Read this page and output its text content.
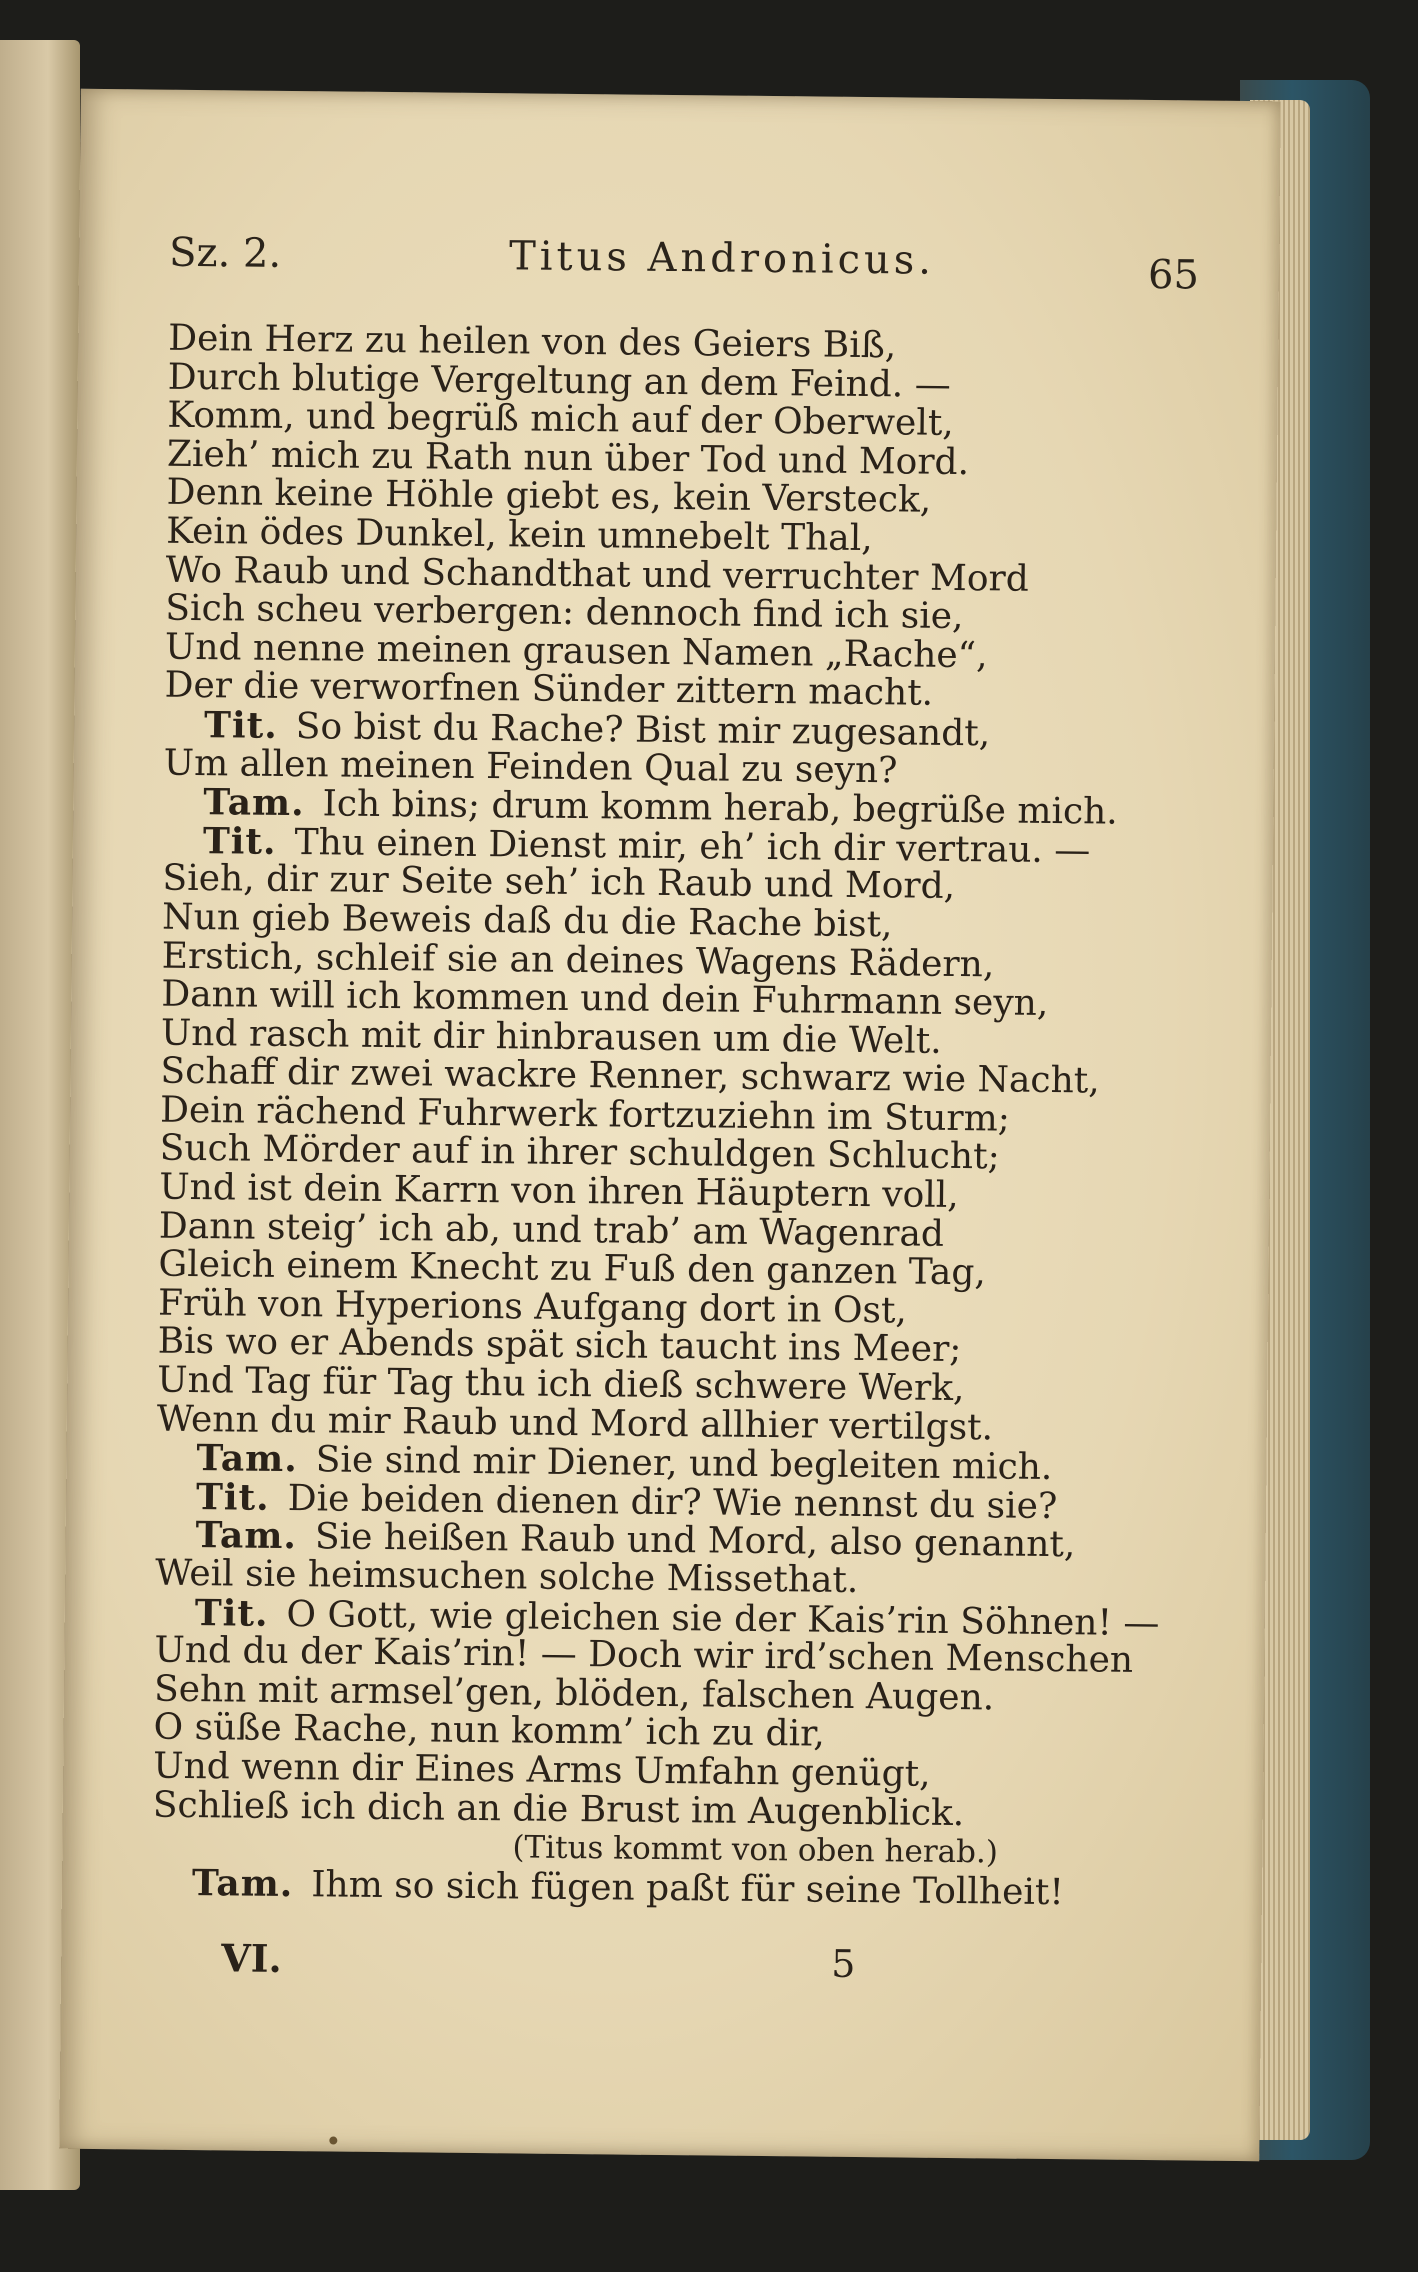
Sz. 2.	Titus Andronicus.	65
Dein Herz zu heilen von des Geiers Biß,
Durch blutige Vergeltung an dem Feind. —
Komm, und begrüß mich auf der Oberwelt,
Zieh’ mich zu Rath nun über Tod und Mord.
Denn keine Höhle giebt es, kein Versteck,
Kein ödes Dunkel, kein umnebelt Thal,
Wo Raub und Schandthat und verruchter Mord
Sich scheu verbergen: dennoch find ich sie,
Und nenne meinen grausen Namen „Rache“,
Der die verworfnen Sünder zittern macht.
Tit. So bist du Rache? Bist mir zugesandt,
Um allen meinen Feinden Qual zu seyn?
Tam. Ich bins; drum komm herab, begrüße mich.
Tit. Thu einen Dienst mir, eh’ ich dir vertrau. —
Sieh, dir zur Seite seh’ ich Raub und Mord,
Nun gieb Beweis daß du die Rache bist,
Erstich, schleif sie an deines Wagens Rädern,
Dann will ich kommen und dein Fuhrmann seyn,
Und rasch mit dir hinbrausen um die Welt.
Schaff dir zwei wackre Renner, schwarz wie Nacht,
Dein rächend Fuhrwerk fortzuziehn im Sturm;
Such Mörder auf in ihrer schuldgen Schlucht;
Und ist dein Karrn von ihren Häuptern voll,
Dann steig’ ich ab, und trab’ am Wagenrad
Gleich einem Knecht zu Fuß den ganzen Tag,
Früh von Hyperions Aufgang dort in Ost,
Bis wo er Abends spät sich taucht ins Meer;
Und Tag für Tag thu ich dieß schwere Werk,
Wenn du mir Raub und Mord allhier vertilgst.
Tam. Sie sind mir Diener, und begleiten mich.
Tit. Die beiden dienen dir? Wie nennst du sie?
Tam. Sie heißen Raub und Mord, also genannt,
Weil sie heimsuchen solche Missethat.
Tit. O Gott, wie gleichen sie der Kais’rin Söhnen! —
Und du der Kais’rin! — Doch wir ird’schen Menschen
Sehn mit armsel’gen, blöden, falschen Augen.
O süße Rache, nun komm’ ich zu dir,
Und wenn dir Eines Arms Umfahn genügt,
Schließ ich dich an die Brust im Augenblick.
(Titus kommt von oben herab.)
Tam. Ihm so sich fügen paßt für seine Tollheit!
VI.	5
